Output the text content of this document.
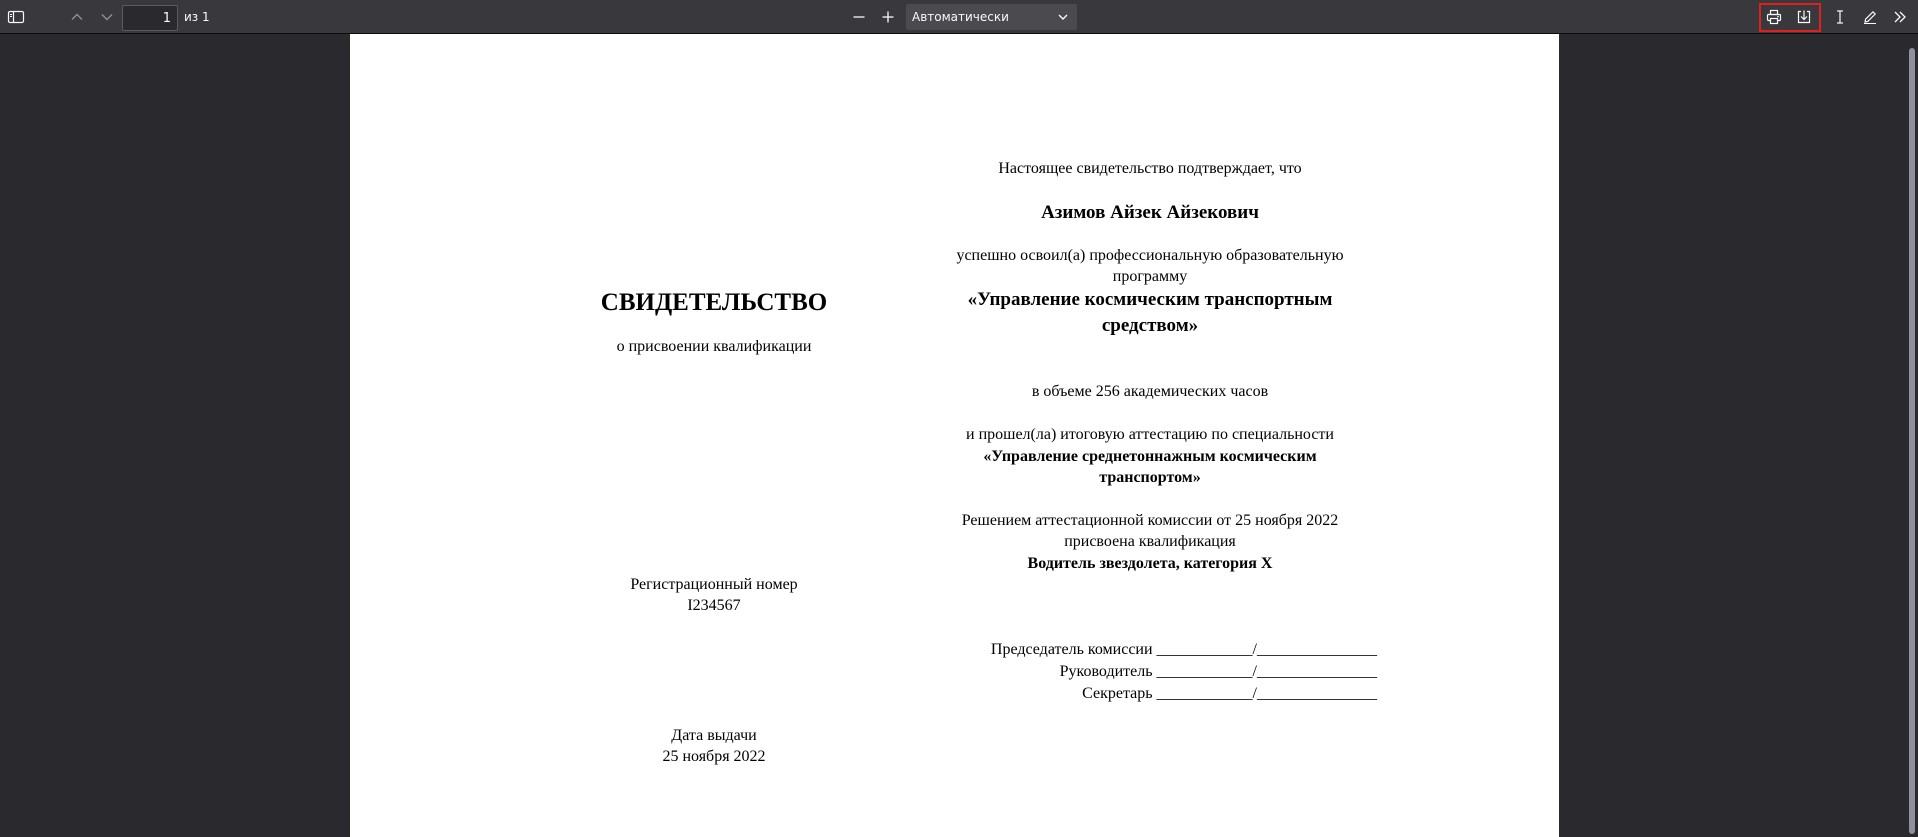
1	из 1	Автоматически
СВИДЕТЕЛЬСТВО
о присвоении квалификации
Регистрационный номер
I234567
Дата выдачи
25 ноября 2022
Настоящее свидетельство подтверждает, что
Азимов Айзек Айзекович
успешно освоил(а) профессиональную образовательную
программу
«Управление космическим транспортным
средством»
в объеме 256 академических часов
и прошел(ла) итоговую аттестацию по специальности
«Управление среднетоннажным космическим
транспортом»
Решением аттестационной комиссии от 25 ноября 2022
присвоена квалификация
Водитель звездолета, категория X
Председатель комиссии ____________/_______________
Руководитель ____________/_______________
Секретарь ____________/_______________
